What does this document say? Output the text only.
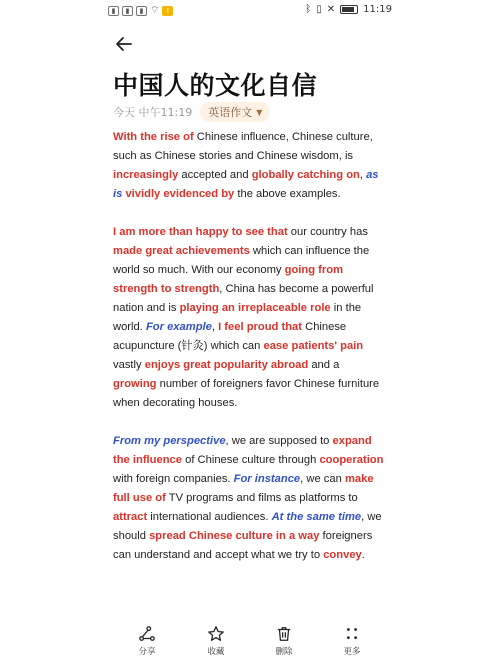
▮	▮	▮ ⌔	!	ᛒ ▯ ✕	11:19
中国人的文化自信
今天 中午11:19 英语作文 ▼

With the rise of Chinese influence, Chinese culture, such as Chinese stories and Chinese wisdom, is increasingly accepted and globally catching on, as is vividly evidenced by the above examples.

I am more than happy to see that our country has made great achievements which can influence the world so much. With our economy going from strength to strength, China has become a powerful nation and is playing an irreplaceable role in the world. For example, I feel proud that Chinese acupuncture (针灸) which can ease patients' pain vastly enjoys great popularity abroad and a growing number of foreigners favor Chinese furniture when decorating houses.

From my perspective, we are supposed to expand the influence of Chinese culture through cooperation with foreign companies. For instance, we can make full use of TV programs and films as platforms to attract international audiences. At the same time, we should spread Chinese culture in a way foreigners can understand and accept what we try to convey.

分享	收藏	删除	更多
